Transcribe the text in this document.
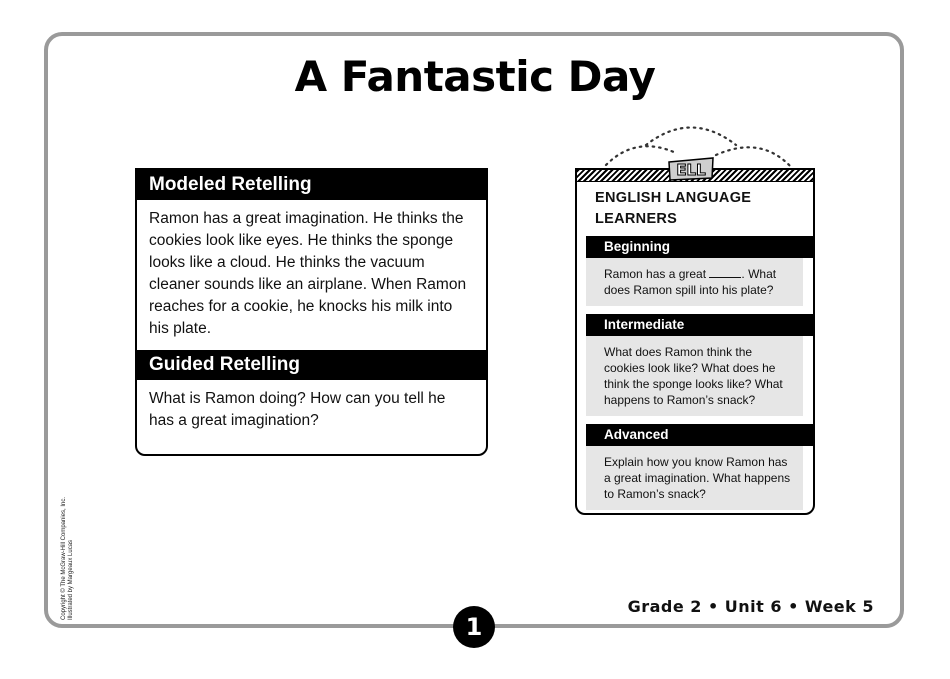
A Fantastic Day
Modeled Retelling
Ramon has a great imagination. He thinks the cookies look like eyes. He thinks the sponge looks like a cloud. He thinks the vacuum cleaner sounds like an airplane. When Ramon reaches for a cookie, he knocks his milk into his plate.
Guided Retelling
What is Ramon doing? How can you tell he has a great imagination?
ENGLISH LANGUAGE
LEARNERS
Beginning
Ramon has a great	. What does Ramon spill into his plate?
Intermediate
What does Ramon think the cookies look like? What does he think the sponge looks like? What happens to Ramon’s snack?
Advanced
Explain how you know Ramon has a great imagination. What happens to Ramon’s snack?
ELL
Grade 2 • Unit 6 • Week 5
1
Copyright © The McGraw-Hill Companies, Inc. Illustrated by Margeaux Lucas
